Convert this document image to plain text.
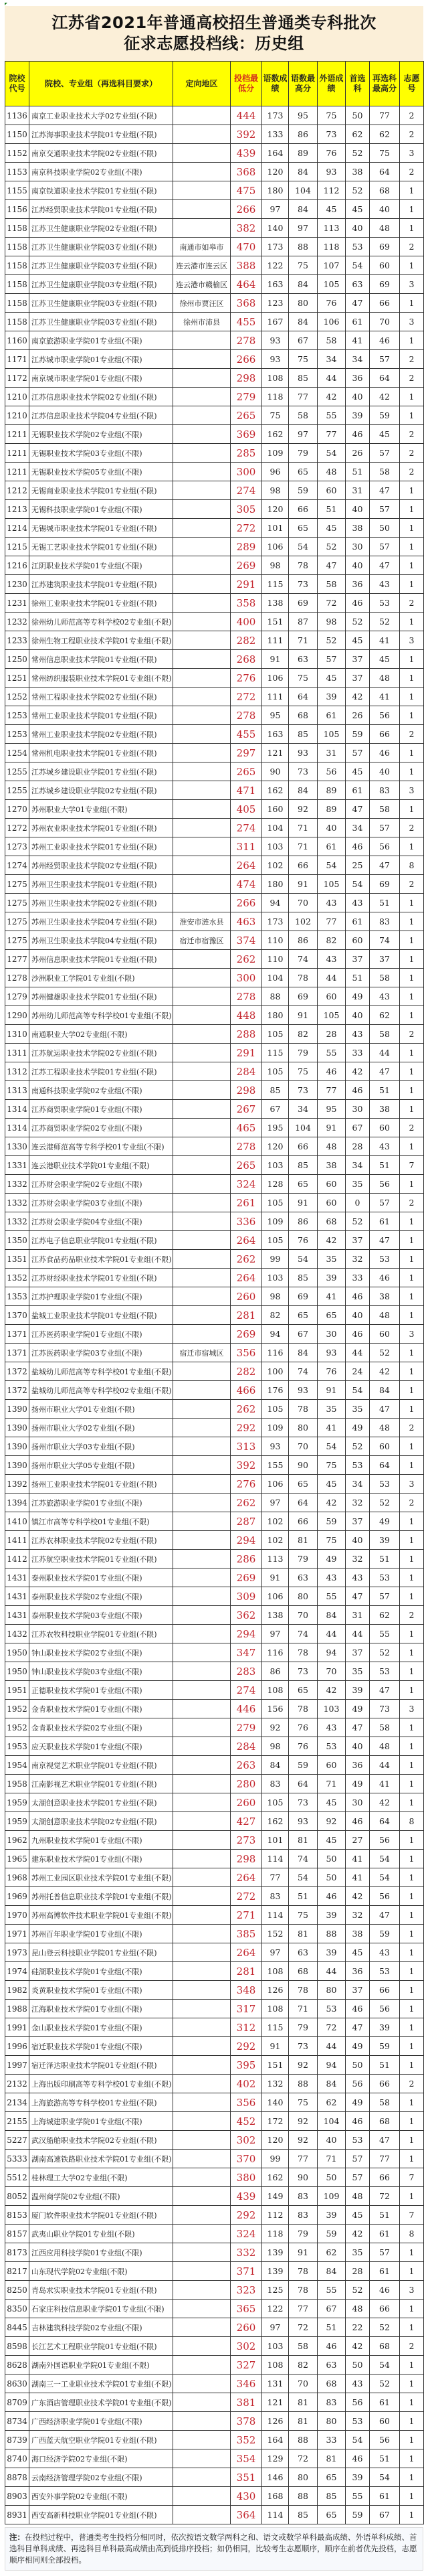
江苏省2021年普通高校招生普通类专科批次
征求志愿投档线：历史组
院校代号	院校、专业组（再选科目要求）	定向地区	投档最低分	语数成绩	语数最高分	外语成绩	首选科	再选科最高分	志愿号
1136	南京工业职业技术大学02专业组(不限)		444	173	95	75	50	77	2
1150	江苏海事职业技术学院01专业组(不限)		392	133	86	73	62	62	2
1152	南京交通职业技术学院02专业组(不限)		439	164	89	76	52	75	3
1153	南京科技职业学院02专业组(不限)		368	120	84	93	38	64	2
1155	南京铁道职业技术学院01专业组(不限)		475	180	104	112	52	68	1
1156	江苏经贸职业技术学院01专业组(不限)		266	97	84	45	45	40	1
1158	江苏卫生健康职业学院02专业组(不限)		382	140	97	113	40	48	1
1158	江苏卫生健康职业学院03专业组(不限)	南通市如皋市	470	173	88	118	53	69	2
1158	江苏卫生健康职业学院03专业组(不限)	连云港市连云区	388	122	75	107	54	60	1
1158	江苏卫生健康职业学院03专业组(不限)	连云港市赣榆区	464	163	84	105	63	69	3
1158	江苏卫生健康职业学院03专业组(不限)	徐州市贾汪区	368	123	80	76	47	66	1
1158	江苏卫生健康职业学院03专业组(不限)	徐州市沛县	455	167	84	106	61	70	3
1160	南京旅游职业学院01专业组(不限)		278	93	67	58	41	46	1
1171	江苏城市职业学院01专业组(不限)		266	93	75	34	34	57	2
1172	南京城市职业学院01专业组(不限)		298	108	85	44	36	64	2
1210	江苏信息职业技术学院02专业组(不限)		279	118	77	42	40	42	1
1210	江苏信息职业技术学院04专业组(不限)		265	75	58	55	39	59	1
1211	无锡职业技术学院02专业组(不限)		369	162	97	77	46	45	2
1211	无锡职业技术学院03专业组(不限)		285	109	79	54	26	57	2
1211	无锡职业技术学院05专业组(不限)		300	96	65	48	51	58	2
1212	无锡商业职业技术学院01专业组(不限)		274	98	59	60	31	47	1
1213	无锡科技职业学院01专业组(不限)		305	120	66	51	40	57	1
1214	无锡城市职业技术学院01专业组(不限)		272	101	65	45	38	50	1
1215	无锡工艺职业技术学院01专业组(不限)		289	106	54	52	30	57	1
1216	江阴职业技术学院01专业组(不限)		269	98	78	47	40	47	1
1230	江苏建筑职业技术学院01专业组(不限)		291	115	73	58	36	43	1
1231	徐州工业职业技术学院01专业组(不限)		358	138	69	72	46	53	2
1232	徐州幼儿师范高等专科学校02专业组(不限)		400	151	87	98	52	52	1
1233	徐州生物工程职业技术学院01专业组(不限)		282	111	71	52	45	41	3
1250	常州信息职业技术学院01专业组(不限)		268	91	63	57	37	45	1
1251	常州纺织服装职业技术学院01专业组(不限)		276	106	75	45	37	48	1
1252	常州工程职业技术学院02专业组(不限)		272	111	64	39	42	41	1
1253	常州工业职业技术学院01专业组(不限)		278	95	68	61	26	56	1
1253	常州工业职业技术学院02专业组(不限)		455	163	85	105	59	66	2
1254	常州机电职业技术学院01专业组(不限)		297	121	93	31	57	46	1
1255	江苏城乡建设职业学院01专业组(不限)		265	90	73	56	45	40	1
1255	江苏城乡建设职业学院02专业组(不限)		471	162	84	89	61	83	3
1270	苏州职业大学01专业组(不限)		405	160	92	89	47	58	1
1272	苏州农业职业技术学院01专业组(不限)		274	104	71	40	34	57	2
1273	苏州工业职业技术学院01专业组(不限)		311	103	71	61	46	56	1
1274	苏州经贸职业技术学院02专业组(不限)		264	102	66	54	25	47	8
1275	苏州卫生职业技术学院01专业组(不限)		474	180	91	105	54	69	2
1275	苏州卫生职业技术学院02专业组(不限)		266	94	70	43	43	51	1
1275	苏州卫生职业技术学院04专业组(不限)	淮安市涟水县	463	173	102	77	61	83	1
1275	苏州卫生职业技术学院04专业组(不限)	宿迁市宿豫区	374	110	86	82	60	74	1
1277	苏州信息职业技术学院01专业组(不限)		262	110	74	43	37	37	1
1278	沙洲职业工学院01专业组(不限)		300	104	78	44	51	58	1
1279	苏州健雄职业技术学院01专业组(不限)		278	88	69	60	49	43	1
1290	苏州幼儿师范高等专科学校01专业组(不限)		448	180	91	105	40	62	1
1310	南通职业大学02专业组(不限)		288	105	82	28	43	58	2
1311	江苏航运职业技术学院02专业组(不限)		291	115	79	55	33	44	1
1312	江苏工程职业技术学院01专业组(不限)		284	105	75	46	42	47	1
1313	南通科技职业学院02专业组(不限)		298	85	73	77	46	51	1
1314	江苏商贸职业学院01专业组(不限)		267	67	34	95	30	38	1
1314	江苏商贸职业学院02专业组(不限)		465	195	104	91	67	60	2
1330	连云港师范高等专科学校01专业组(不限)		278	120	66	48	28	43	1
1331	连云港职业技术学院01专业组(不限)		265	103	85	38	34	51	7
1332	江苏财会职业学院02专业组(不限)		324	128	65	60	35	56	1
1332	江苏财会职业学院03专业组(不限)		261	105	91	60	0	57	2
1332	江苏财会职业学院04专业组(不限)		336	109	86	68	52	61	1
1350	江苏电子信息职业学院01专业组(不限)		264	105	76	42	37	47	1
1351	江苏食品药品职业技术学院01专业组(不限)		262	99	54	35	32	53	1
1352	江苏财经职业技术学院01专业组(不限)		264	103	85	39	33	46	1
1353	江苏护理职业学院01专业组(不限)		260	98	69	41	46	38	1
1370	盐城工业职业技术学院01专业组(不限)		281	82	65	65	40	48	1
1371	江苏医药职业学院01专业组(不限)		269	94	67	30	46	60	3
1371	江苏医药职业学院03专业组(不限)	宿迁市宿城区	356	116	84	93	44	52	1
1372	盐城幼儿师范高等专科学校01专业组(不限)		282	100	74	76	24	42	1
1372	盐城幼儿师范高等专科学校02专业组(不限)		466	176	93	91	54	84	1
1390	扬州市职业大学01专业组(不限)		262	105	78	35	35	47	1
1390	扬州市职业大学02专业组(不限)		292	109	80	41	49	48	2
1390	扬州市职业大学03专业组(不限)		313	93	70	54	52	60	1
1390	扬州市职业大学05专业组(不限)		392	155	90	75	53	64	1
1392	扬州工业职业技术学院01专业组(不限)		276	106	65	45	34	53	3
1394	江苏旅游职业学院01专业组(不限)		262	97	64	42	32	52	2
1410	镇江市高等专科学校01专业组(不限)		287	102	66	59	37	49	1
1411	江苏农林职业技术学院02专业组(不限)		294	102	81	75	40	39	1
1412	江苏航空职业技术学院01专业组(不限)		286	113	79	49	32	51	1
1431	泰州职业技术学院01专业组(不限)		269	91	63	43	43	53	1
1431	泰州职业技术学院02专业组(不限)		309	106	80	55	47	57	1
1431	泰州职业技术学院03专业组(不限)		362	138	70	84	31	62	2
1432	江苏农牧科技职业学院01专业组(不限)		294	97	74	44	44	55	1
1950	钟山职业技术学院02专业组(不限)		347	116	78	94	37	52	1
1950	钟山职业技术学院03专业组(不限)		283	86	73	70	35	53	1
1951	正德职业技术学院01专业组(不限)		274	108	65	42	39	47	1
1952	金肯职业技术学院01专业组(不限)		446	156	78	103	49	73	3
1952	金肯职业技术学院02专业组(不限)		279	92	76	43	47	58	1
1953	应天职业技术学院01专业组(不限)		284	98	76	53	40	48	1
1954	南京视觉艺术职业学院01专业组(不限)		263	84	59	60	36	44	1
1958	江南影视艺术职业学院01专业组(不限)		280	83	64	71	49	41	1
1959	太湖创意职业技术学院01专业组(不限)		260	105	73	45	30	42	1
1959	太湖创意职业技术学院02专业组(不限)		427	162	93	92	46	64	8
1962	九州职业技术学院01专业组(不限)		273	101	81	45	27	56	1
1965	建东职业技术学院01专业组(不限)		298	114	74	50	41	54	1
1968	苏州工业园区职业技术学院01专业组(不限)		264	77	54	50	41	54	1
1969	苏州托普信息职业技术学院01专业组(不限)		272	83	51	46	42	56	1
1970	苏州高博软件技术职业学院01专业组(不限)		271	114	75	39	32	47	1
1971	苏州百年职业学院01专业组(不限)		385	152	81	88	38	59	1
1973	昆山登云科技职业学院01专业组(不限)		264	97	63	39	45	43	1
1974	硅湖职业技术学院01专业组(不限)		281	108	68	44	36	53	1
1982	炎黄职业技术学院01专业组(不限)		348	126	78	80	37	66	1
1988	江海职业技术学院01专业组(不限)		317	108	71	53	46	56	1
1991	金山职业技术学院01专业组(不限)		312	115	79	72	47	39	1
1996	宿迁职业技术学院01专业组(不限)		292	91	73	44	49	59	1
1997	宿迁泽达职业技术学院01专业组(不限)		395	151	92	94	50	51	1
2132	上海出版印刷高等专科学校01专业组(不限)		402	132	88	84	56	66	2
2134	上海旅游高等专科学校01专业组(不限)		356	140	75	62	49	58	1
2155	上海城建职业学院01专业组(不限)		452	172	92	104	46	68	1
5227	武汉船舶职业技术学院02专业组(不限)		302	120	92	40	53	47	1
5333	湖南高速铁路职业技术学院01专业组(不限)		370	99	77	71	57	77	1
5512	桂林理工大学02专业组(不限)		380	162	90	50	57	66	7
8052	温州商学院02专业组(不限)		439	149	83	109	48	72	1
8153	厦门软件职业技术学院01专业组(不限)		292	112	83	39	45	51	7
8157	武夷山职业学院01专业组(不限)		324	118	79	59	42	61	8
8173	江西应用科技学院01专业组(不限)		332	139	91	62	35	57	1
8217	山东现代学院02专业组(不限)		371	139	78	84	28	61	1
8250	青岛求实职业技术学院01专业组(不限)		323	125	78	55	52	46	3
8350	石家庄科技信息职业学院01专业组(不限)		365	122	77	67	48	66	1
8445	吉林建筑科技学院02专业组(不限)		260	97	72	51	22	52	1
8598	长江艺术工程职业学院01专业组(不限)		302	103	58	46	42	68	2
8628	湖南外国语职业学院01专业组(不限)		327	108	82	63	50	54	1
8630	湖南三一工业职业技术学院01专业组(不限)		346	131	70	68	43	52	1
8709	广东酒店管理职业技术学院01专业组(不限)		381	121	81	83	56	61	1
8734	广西经济职业学院01专业组(不限)		378	126	81	80	53	60	1
8739	广西蓝天航空职业学院01专业组(不限)		352	164	88	33	54	56	1
8740	海口经济学院02专业组(不限)		354	129	72	81	46	51	1
8878	云南经济管理学院02专业组(不限)		351	146	80	65	39	54	1
8903	西安外事学院02专业组(不限)		430	168	88	85	55	61	1
8931	西安高新科技职业学院01专业组(不限)		364	114	85	65	59	67	1
注：在投档过程中，普通类考生投档分相同时，依次按语文数学两科之和、语文或数学单科最高成绩、外语单科成绩、首选科目单科成绩、再选科目单科最高成绩由高到低排序投档；如仍相同，比较考生志愿顺序，顺序在前者优先投档，志愿顺序相同则全部投档。
